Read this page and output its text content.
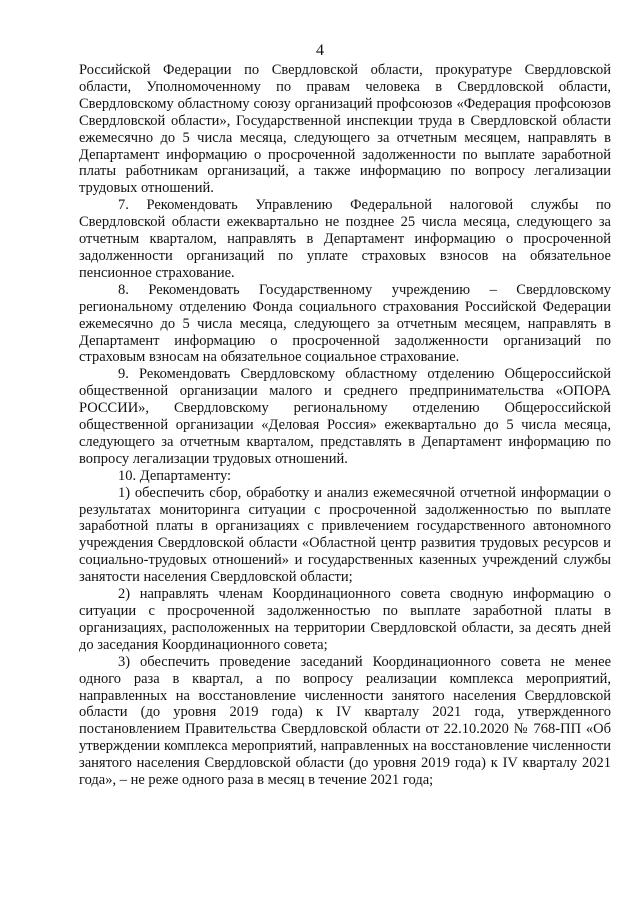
4

Российской Федерации по Свердловской области, прокуратуре Свердловской области, Уполномоченному по правам человека в Свердловской области, Свердловскому областному союзу организаций профсоюзов «Федерация профсоюзов Свердловской области», Государственной инспекции труда в Свердловской области ежемесячно до 5 числа месяца, следующего за отчетным месяцем, направлять в Департамент информацию о просроченной задолженности по выплате заработной платы работникам организаций, а также информацию по вопросу легализации трудовых отношений.

7. Рекомендовать Управлению Федеральной налоговой службы по Свердловской области ежеквартально не позднее 25 числа месяца, следующего за отчетным кварталом, направлять в Департамент информацию о просроченной задолженности организаций по уплате страховых взносов на обязательное пенсионное страхование.

8. Рекомендовать Государственному учреждению – Свердловскому региональному отделению Фонда социального страхования Российской Федерации ежемесячно до 5 числа месяца, следующего за отчетным месяцем, направлять в Департамент информацию о просроченной задолженности организаций по страховым взносам на обязательное социальное страхование.

9. Рекомендовать Свердловскому областному отделению Общероссийской общественной организации малого и среднего предпринимательства «ОПОРА РОССИИ», Свердловскому региональному отделению Общероссийской общественной организации «Деловая Россия» ежеквартально до 5 числа месяца, следующего за отчетным кварталом, представлять в Департамент информацию по вопросу легализации трудовых отношений.

10. Департаменту:

1) обеспечить сбор, обработку и анализ ежемесячной отчетной информации о результатах мониторинга ситуации с просроченной задолженностью по выплате заработной платы в организациях с привлечением государственного автономного учреждения Свердловской области «Областной центр развития трудовых ресурсов и социально-трудовых отношений» и государственных казенных учреждений службы занятости населения Свердловской области;

2) направлять членам Координационного совета сводную информацию о ситуации с просроченной задолженностью по выплате заработной платы в организациях, расположенных на территории Свердловской области, за десять дней до заседания Координационного совета;

3) обеспечить проведение заседаний Координационного совета не менее одного раза в квартал, а по вопросу реализации комплекса мероприятий, направленных на восстановление численности занятого населения Свердловской области (до уровня 2019 года) к IV кварталу 2021 года, утвержденного постановлением Правительства Свердловской области от 22.10.2020 № 768-ПП «Об утверждении комплекса мероприятий, направленных на восстановление численности занятого населения Свердловской области (до уровня 2019 года) к IV кварталу 2021 года», – не реже одного раза в месяц в течение 2021 года;
